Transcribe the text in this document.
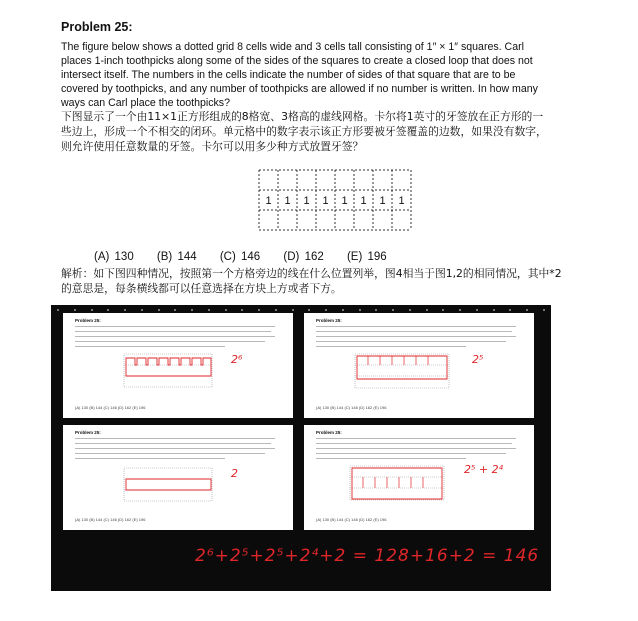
Problem 25:
The figure below shows a dotted grid 8 cells wide and 3 cells tall consisting of 1″ × 1″ squares. Carl places 1-inch toothpicks along some of the sides of the squares to create a closed loop that does not intersect itself. The numbers in the cells indicate the number of sides of that square that are to be covered by toothpicks, and any number of toothpicks are allowed if no number is written. In how many ways can Carl place the toothpicks?
下图显示了一个由11×1正方形组成的8格宽、3格高的虚线网格。卡尔将1英寸的牙签放在正方形的一些边上，形成一个不相交的闭环。单元格中的数字表示该正方形要被牙签覆盖的边数，如果没有数字，则允许使用任意数量的牙签。卡尔可以用多少种方式放置牙签？
1 1 1 1 1 1 1 1
(A) 130 (B) 144 (C) 146 (D) 162 (E) 196
解析：如下图四种情况，按照第一个方格旁边的线在什么位置列举，图4相当于图1,2的相同情况，其中*2的意思是，每条横线都可以任意选择在方块上方或者下方。
Problem 25:
2⁶
(A) 130 (B) 144 (C) 146 (D) 162 (E) 196
Problem 25:
2⁵
(A) 130 (B) 144 (C) 146 (D) 162 (E) 196
Problem 25:
2
(A) 130 (B) 144 (C) 146 (D) 162 (E) 196
Problem 25:
2⁵ + 2⁴
(A) 130 (B) 144 (C) 146 (D) 162 (E) 196
2⁶+2⁵+2⁵+2⁴+2 = 128+16+2 = 146
